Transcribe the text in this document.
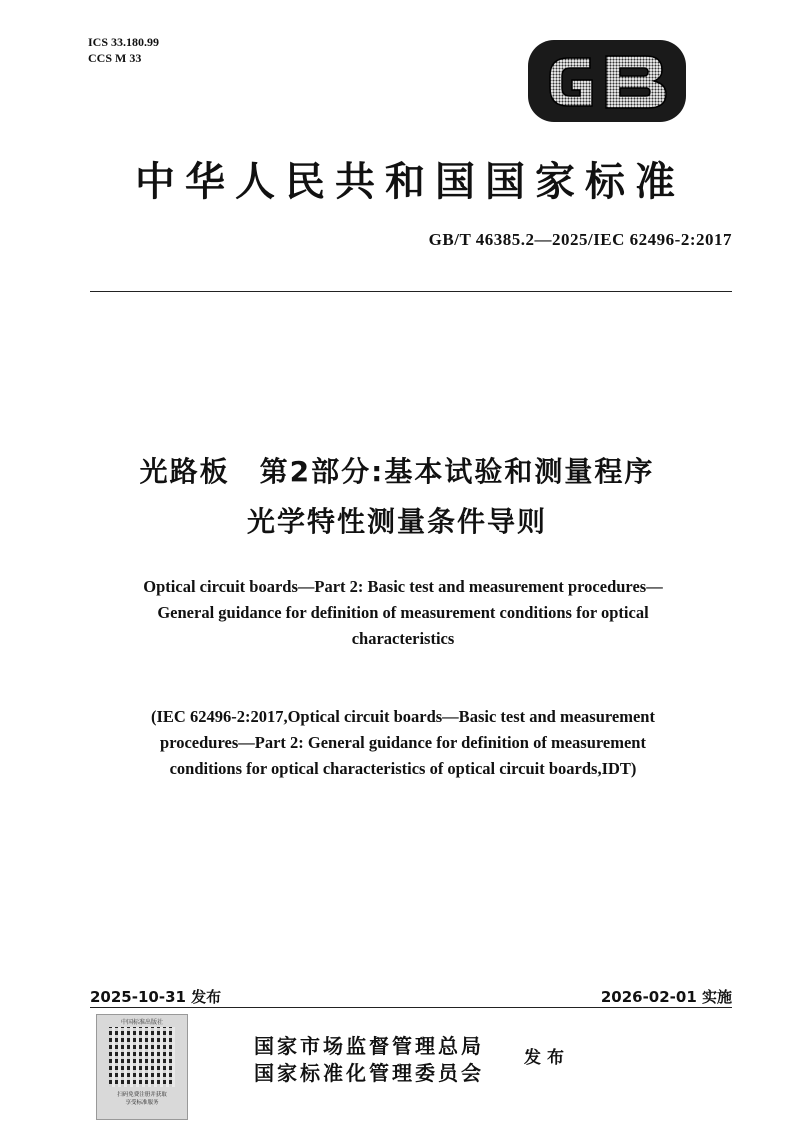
ICS 33.180.99
CCS M 33
中华人民共和国国家标准
GB/T 46385.2—2025/IEC 62496-2:2017
光路板　第2部分:基本试验和测量程序
光学特性测量条件导则
Optical circuit boards—Part 2: Basic test and measurement procedures—
General guidance for definition of measurement conditions for optical
characteristics
(IEC 62496-2:2017,Optical circuit boards—Basic test and measurement
procedures—Part 2: General guidance for definition of measurement
conditions for optical characteristics of optical circuit boards,IDT)
2025-10-31 发布	2026-02-01 实施
中国标准出版社
扫码免费注册并获取
享受标准服务
国家市场监督管理总局
国家标准化管理委员会
发布
